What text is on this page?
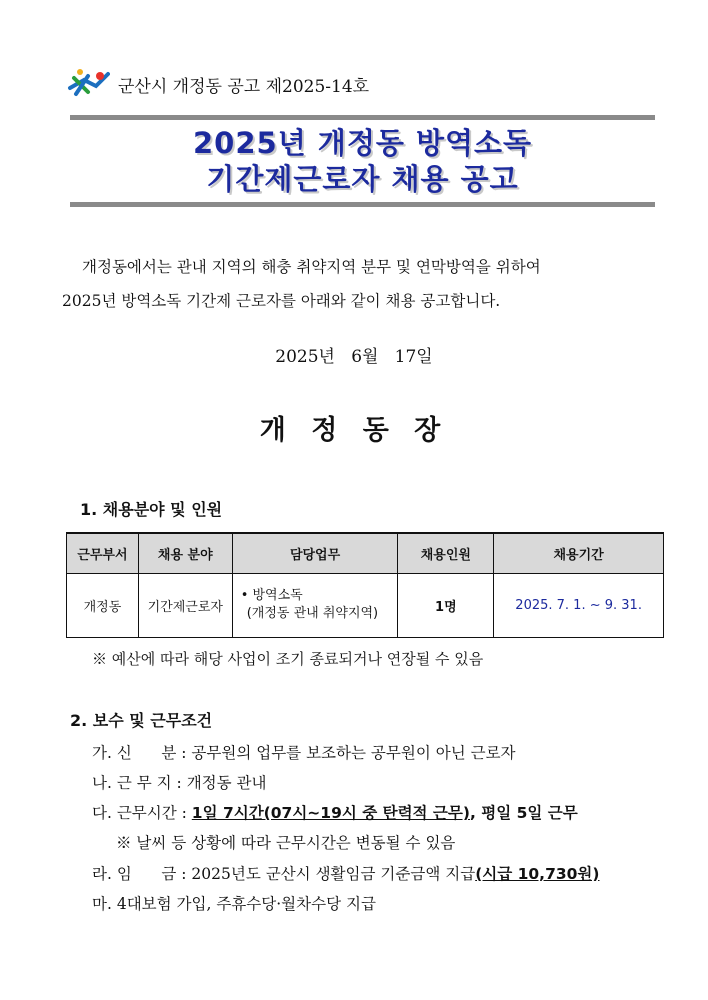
군산시 개정동 공고 제2025-14호
2025년 개정동 방역소독
기간제근로자 채용 공고

개정동에서는 관내 지역의 해충 취약지역 분무 및 연막방역을 위하여

2025년 방역소독 기간제 근로자를 아래와 같이 채용 공고합니다.

2025년   6월   17일
개 정 동 장
1. 채용분야 및 인원
근무부서	채용 분야	담당업무	채용인원	채용기간
개정동	기간제근로자	• 방역소독
(개정동 관내 취약지역)	1명	2025. 7. 1. ~ 9. 31.
※ 예산에 따라 해당 사업이 조기 종료되거나 연장될 수 있음
2. 보수 및 근무조건
가. 신      분 : 공무원의 업무를 보조하는 공무원이 아닌 근로자
나. 근 무 지 : 개정동 관내
다. 근무시간 : 1일 7시간(07시~19시 중 탄력적 근무), 평일 5일 근무
※ 날씨 등 상황에 따라 근무시간은 변동될 수 있음
라. 임      금 : 2025년도 군산시 생활임금 기준금액 지급(시급 10,730원)
마. 4대보험 가입, 주휴수당·월차수당 지급
